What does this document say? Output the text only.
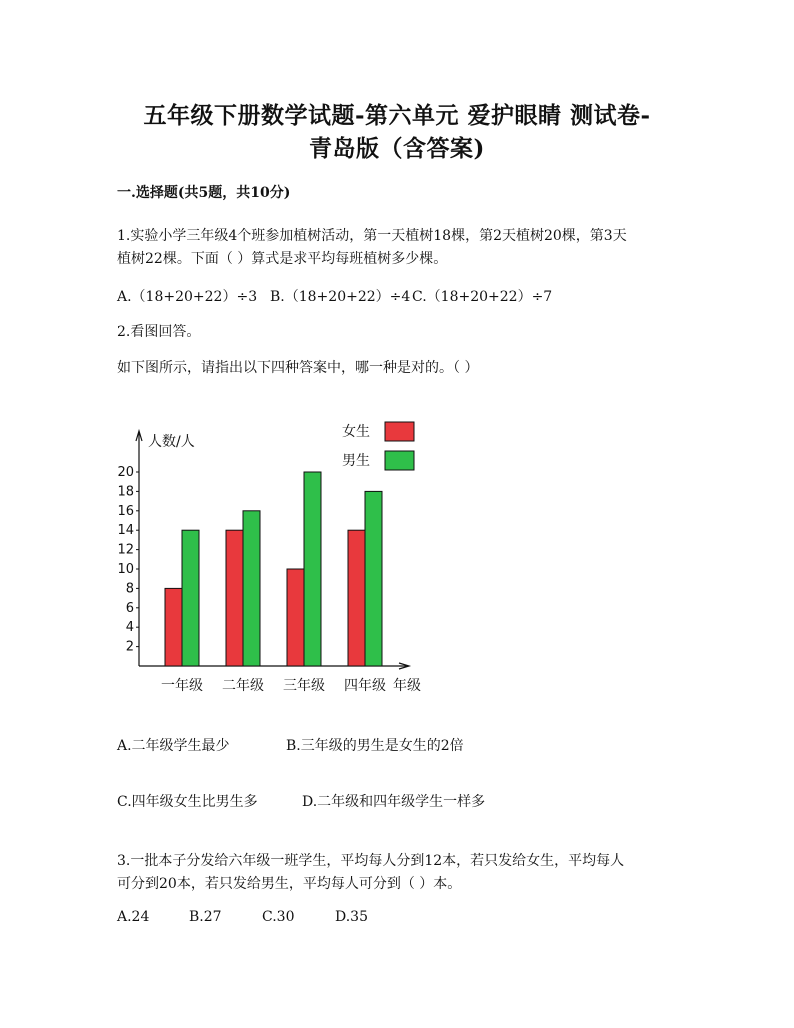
五年级下册数学试题-第六单元 爱护眼睛 测试卷-
青岛版（含答案)
一.选择题(共5题，共10分)
1.实验小学三年级4个班参加植树活动，第一天植树18棵，第2天植树20棵，第3天
植树22棵。下面（ ）算式是求平均每班植树多少棵。
A.（18+20+22）÷3 B.（18+20+22）÷4 C.（18+20+22）÷7
2.看图回答。
如下图所示，请指出以下四种答案中，哪一种是对的。（ ）
2
4
6
8
10
12
14
16
18
20
人数/人
一年级 二年级 三年级 四年级 年级
女生
男生
A.二年级学生最少	B.三年级的男生是女生的2倍
C.四年级女生比男生多	D.二年级和四年级学生一样多
3.一批本子分发给六年级一班学生，平均每人分到12本，若只发给女生，平均每人
可分到20本，若只发给男生，平均每人可分到（ ）本。
A.24	B.27	C.30	D.35
